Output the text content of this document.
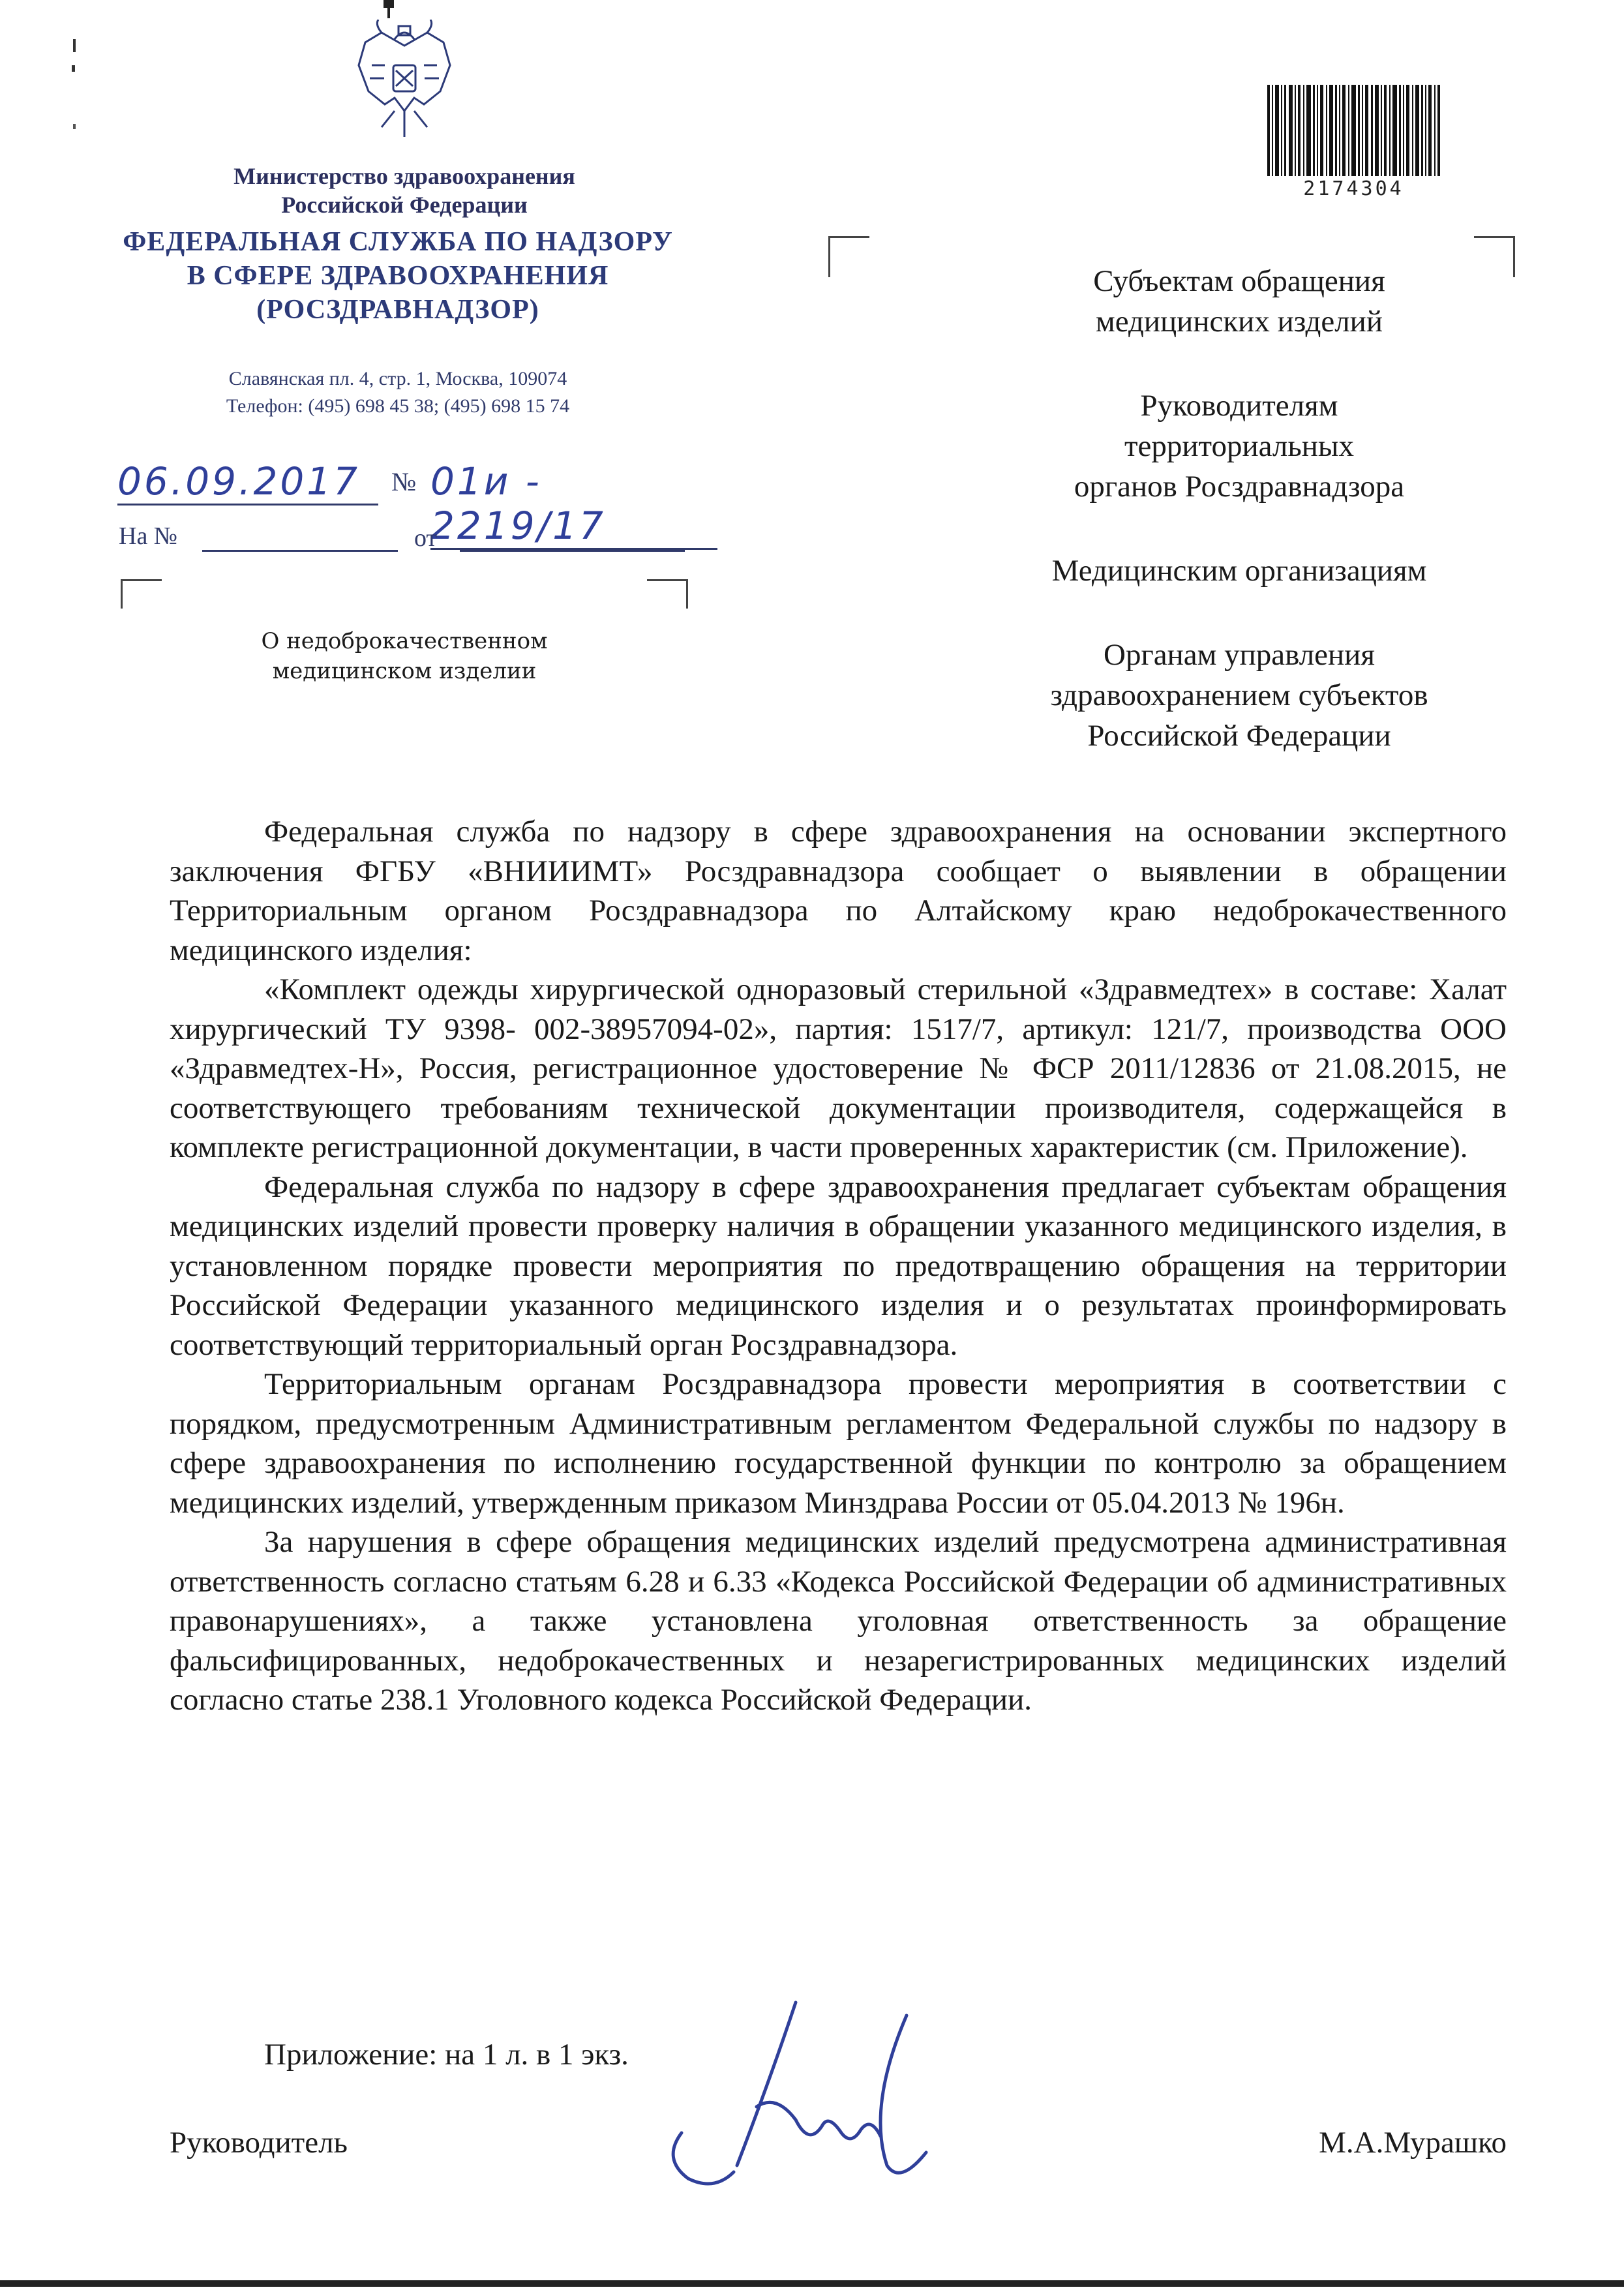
Министерство здравоохранения
Российской Федерации
ФЕДЕРАЛЬНАЯ СЛУЖБА ПО НАДЗОРУ
В СФЕРЕ ЗДРАВООХРАНЕНИЯ
(РОСЗДРАВНАДЗОР)
Славянская пл. 4, стр. 1, Москва, 109074
Телефон: (495) 698 45 38; (495) 698 15 74
06.09.2017	№ 01и - 2219/17
На №	от
О недоброкачественном
медицинском изделии
2174304

Субъектам обращения
медицинских изделий

Руководителям
территориальных
органов Росздравнадзора

Медицинским организациям

Органам управления
здравоохранением субъектов
Российской Федерации

Федеральная служба по надзору в сфере здравоохранения на основании экспертного заключения ФГБУ «ВНИИИМТ» Росздравнадзора сообщает о выявлении в обращении Территориальным органом Росздравнадзора по Алтайскому краю недоброкачественного медицинского изделия:

«Комплект одежды хирургической одноразовый стерильной «Здравмедтех» в составе: Халат хирургический ТУ 9398- 002-38957094-02», партия: 1517/7, артикул: 121/7, производства ООО «Здравмедтех-Н», Россия, регистрационное удостоверение № ФСР 2011/12836 от 21.08.2015, не соответствующего требованиям технической документации производителя, содержащейся в комплекте регистрационной документации, в части проверенных характеристик (см. Приложение).

Федеральная служба по надзору в сфере здравоохранения предлагает субъектам обращения медицинских изделий провести проверку наличия в обращении указанного медицинского изделия, в установленном порядке провести мероприятия по предотвращению обращения на территории Российской Федерации указанного медицинского изделия и о результатах проинформировать соответствующий территориальный орган Росздравнадзора.

Территориальным органам Росздравнадзора провести мероприятия в соответствии с порядком, предусмотренным Административным регламентом Федеральной службы по надзору в сфере здравоохранения по исполнению государственной функции по контролю за обращением медицинских изделий, утвержденным приказом Минздрава России от 05.04.2013 № 196н.

За нарушения в сфере обращения медицинских изделий предусмотрена административная ответственность согласно статьям 6.28 и 6.33 «Кодекса Российской Федерации об административных правонарушениях», а также установлена уголовная ответственность за обращение фальсифицированных, недоброкачественных и незарегистрированных медицинских изделий согласно статье 238.1 Уголовного кодекса Российской Федерации.

Приложение: на 1 л. в 1 экз.
Руководитель	М.А.Мурашко
